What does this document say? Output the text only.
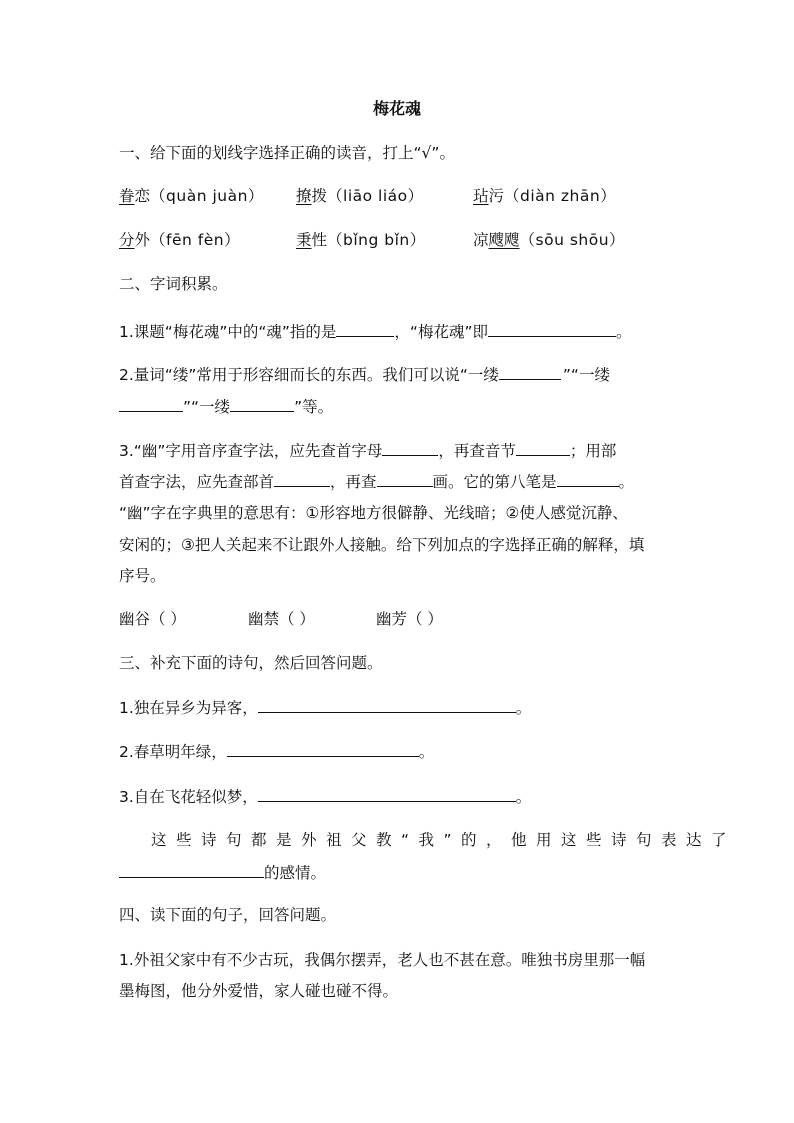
梅花魂
一、给下面的划线字选择正确的读音，打上“√”。
眷恋（quàn juàn） 撩拨（liāo liáo）	玷污（diàn zhān）
分外（fēn fèn）	秉性（bǐng bǐn）	凉飕飕（sōu shōu）
二、字词积累。
1.课题“梅花魂”中的“魂”指的是	，“梅花魂”即	。
2.量词“缕”常用于形容细而长的东西。我们可以说“一缕	”“一缕
”“一缕	”等。
3.“幽”字用音序查字法，应先查首字母	，再查音节	；用部
首查字法，应先查部首	，再查	画。它的第八笔是	。
“幽”字在字典里的意思有：①形容地方很僻静、光线暗；②使人感觉沉静、
安闲的；③把人关起来不让跟外人接触。给下列加点的字选择正确的解释，填
序号。
幽谷（ ）	幽禁（ ）	幽芳（ ）
三、补充下面的诗句，然后回答问题。
1.独在异乡为异客，	。
2.春草明年绿，	。
3.自在飞花轻似梦，	。
这些诗句都是外祖父教“我”的，他用这些诗句表达了
的感情。
四、读下面的句子，回答问题。
1.外祖父家中有不少古玩，我偶尔摆弄，老人也不甚在意。唯独书房里那一幅
墨梅图，他分外爱惜，家人碰也碰不得。
